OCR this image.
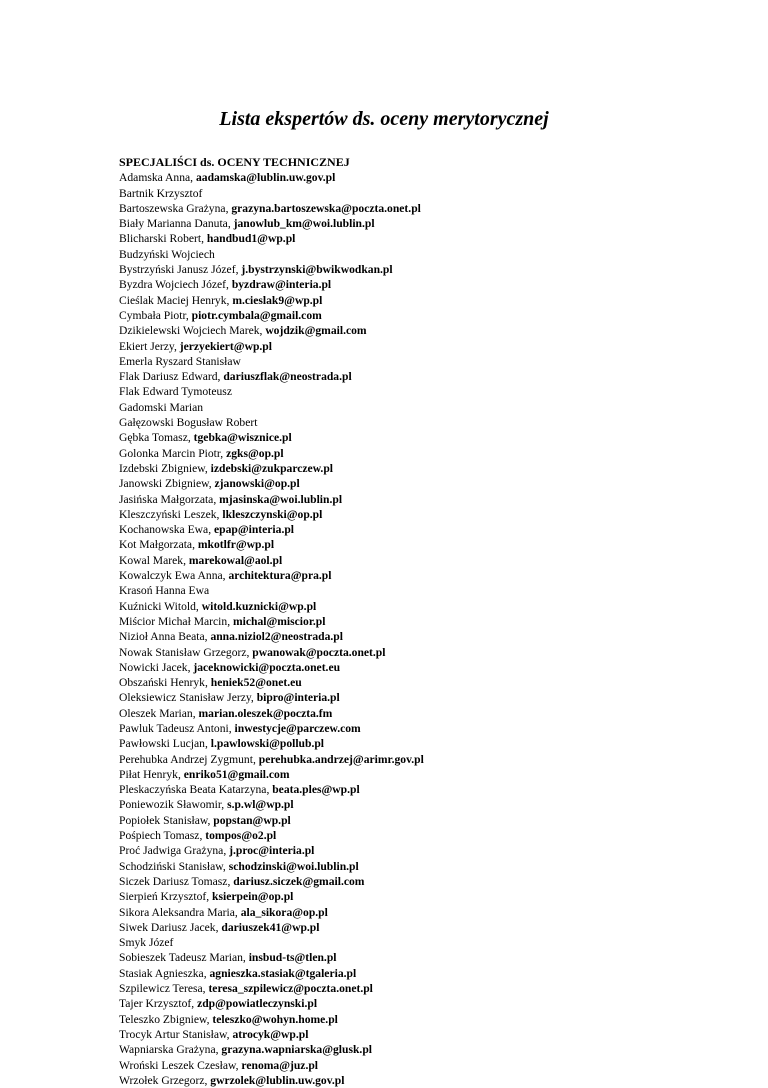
Lista ekspertów ds. oceny merytorycznej
SPECJALIŚCI ds. OCENY TECHNICZNEJ
Adamska Anna, aadamska@lublin.uw.gov.pl
Bartnik Krzysztof
Bartoszewska Grażyna, grazyna.bartoszewska@poczta.onet.pl
Biały Marianna Danuta, janowlub_km@woi.lublin.pl
Blicharski Robert, handbud1@wp.pl
Budzyński Wojciech
Bystrzyński Janusz Józef, j.bystrzynski@bwikwodkan.pl
Byzdra Wojciech Józef, byzdraw@interia.pl
Cieślak Maciej Henryk, m.cieslak9@wp.pl
Cymbała Piotr, piotr.cymbala@gmail.com
Dzikielewski Wojciech Marek, wojdzik@gmail.com
Ekiert Jerzy, jerzyekiert@wp.pl
Emerla Ryszard Stanisław
Flak Dariusz Edward, dariuszflak@neostrada.pl
Flak Edward Tymoteusz
Gadomski Marian
Gałęzowski Bogusław Robert
Gębka Tomasz, tgebka@wisznice.pl
Golonka Marcin Piotr, zgks@op.pl
Izdebski Zbigniew, izdebski@zukparczew.pl
Janowski Zbigniew, zjanowski@op.pl
Jasińska Małgorzata, mjasinska@woi.lublin.pl
Kleszczyński Leszek, lkleszczynski@op.pl
Kochanowska Ewa, epap@interia.pl
Kot Małgorzata, mkotlfr@wp.pl
Kowal Marek, marekowal@aol.pl
Kowalczyk Ewa Anna, architektura@pra.pl
Krasoń Hanna Ewa
Kuźnicki Witold, witold.kuznicki@wp.pl
Miścior Michał Marcin, michal@miscior.pl
Nizioł Anna Beata, anna.niziol2@neostrada.pl
Nowak Stanisław Grzegorz, pwanowak@poczta.onet.pl
Nowicki Jacek, jaceknowicki@poczta.onet.eu
Obszański Henryk, heniek52@onet.eu
Oleksiewicz Stanisław Jerzy, bipro@interia.pl
Oleszek Marian, marian.oleszek@poczta.fm
Pawluk Tadeusz Antoni, inwestycje@parczew.com
Pawłowski Lucjan, l.pawlowski@pollub.pl
Perehubka Andrzej Zygmunt, perehubka.andrzej@arimr.gov.pl
Piłat Henryk, enriko51@gmail.com
Pleskaczyńska Beata Katarzyna, beata.ples@wp.pl
Poniewozik Sławomir, s.p.wl@wp.pl
Popiołek Stanisław, popstan@wp.pl
Pośpiech Tomasz, tompos@o2.pl
Proć Jadwiga Grażyna, j.proc@interia.pl
Schodziński Stanisław, schodzinski@woi.lublin.pl
Siczek Dariusz Tomasz, dariusz.siczek@gmail.com
Sierpień Krzysztof, ksierpein@op.pl
Sikora Aleksandra Maria, ala_sikora@op.pl
Siwek Dariusz Jacek, dariuszek41@wp.pl
Smyk Józef
Sobieszek Tadeusz Marian, insbud-ts@tlen.pl
Stasiak Agnieszka, agnieszka.stasiak@tgaleria.pl
Szpilewicz Teresa, teresa_szpilewicz@poczta.onet.pl
Tajer Krzysztof, zdp@powiatleczynski.pl
Teleszko Zbigniew, teleszko@wohyn.home.pl
Trocyk Artur Stanisław, atrocyk@wp.pl
Wapniarska Grażyna, grazyna.wapniarska@glusk.pl
Wroński Leszek Czesław, renoma@juz.pl
Wrzołek Grzegorz, gwrzolek@lublin.uw.gov.pl
